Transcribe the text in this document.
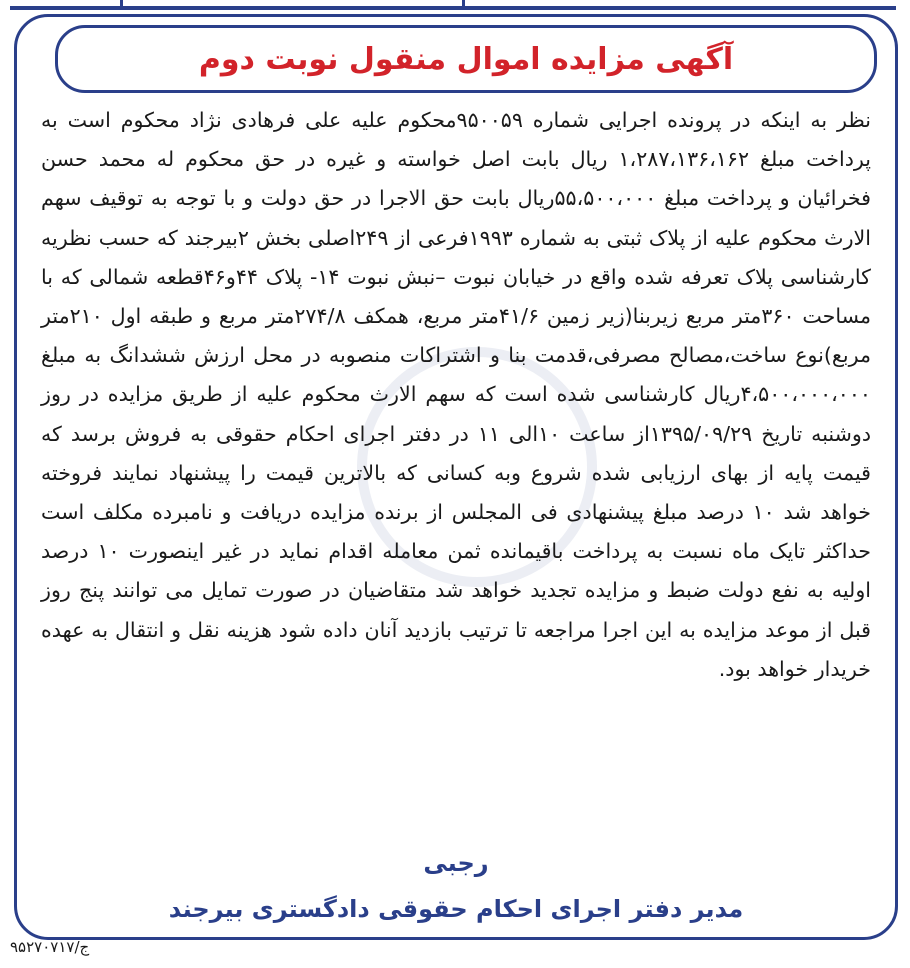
آگهی مزایده اموال منقول نوبت دوم

نظر به اینکه در پرونده اجرایی شماره ۹۵۰۰۵۹محکوم علیه علی فرهادی نژاد محکوم است به پرداخت مبلغ ۱،۲۸۷،۱۳۶،۱۶۲ ریال بابت اصل خواسته و غیره در حق محکوم له محمد حسن فخرائیان و پرداخت مبلغ ۵۵،۵۰۰،۰۰۰ریال بابت حق الاجرا در حق دولت و با توجه به توقیف سهم الارث محکوم علیه از پلاک ثبتی به شماره ۱۹۹۳فرعی از ۲۴۹اصلی بخش ۲بیرجند که حسب نظریه کارشناسی پلاک تعرفه شده واقع در خیابان نبوت –نبش نبوت ۱۴- پلاک ۴۴و۴۶قطعه شمالی که با مساحت ۳۶۰متر مربع زیربنا(زیر زمین ۴۱/۶متر مربع، همکف ۲۷۴/۸متر مربع و طبقه اول ۲۱۰متر مربع)نوع ساخت،مصالح مصرفی،قدمت بنا و اشتراکات منصوبه در محل ارزش ششدانگ به مبلغ ۴،۵۰۰،۰۰۰،۰۰۰ریال کارشناسی شده است که سهم الارث محکوم علیه از طریق مزایده در روز دوشنبه تاریخ ۱۳۹۵/۰۹/۲۹از ساعت ۱۰الی ۱۱ در دفتر اجرای احکام حقوقی به فروش برسد که قیمت پایه از بهای ارزیابی شده شروع وبه کسانی که بالاترین قیمت را پیشنهاد نمایند فروخته خواهد شد ۱۰ درصد مبلغ پیشنهادی فی المجلس از برنده مزایده دریافت و نامبرده مکلف است حداکثر تایک ماه نسبت به پرداخت باقیمانده ثمن معامله اقدام نماید در غیر اینصورت ۱۰ درصد اولیه به نفع دولت ضبط و مزایده تجدید خواهد شد متقاضیان در صورت تمایل می توانند پنج روز قبل از موعد مزایده به این اجرا مراجعه تا ترتیب بازدید آنان داده شود هزینه نقل و انتقال به عهده خریدار خواهد بود.

رجبی

مدیر دفتر اجرای احکام حقوقی دادگستری بیرجند

ج/۹۵۲۷۰۷۱۷
